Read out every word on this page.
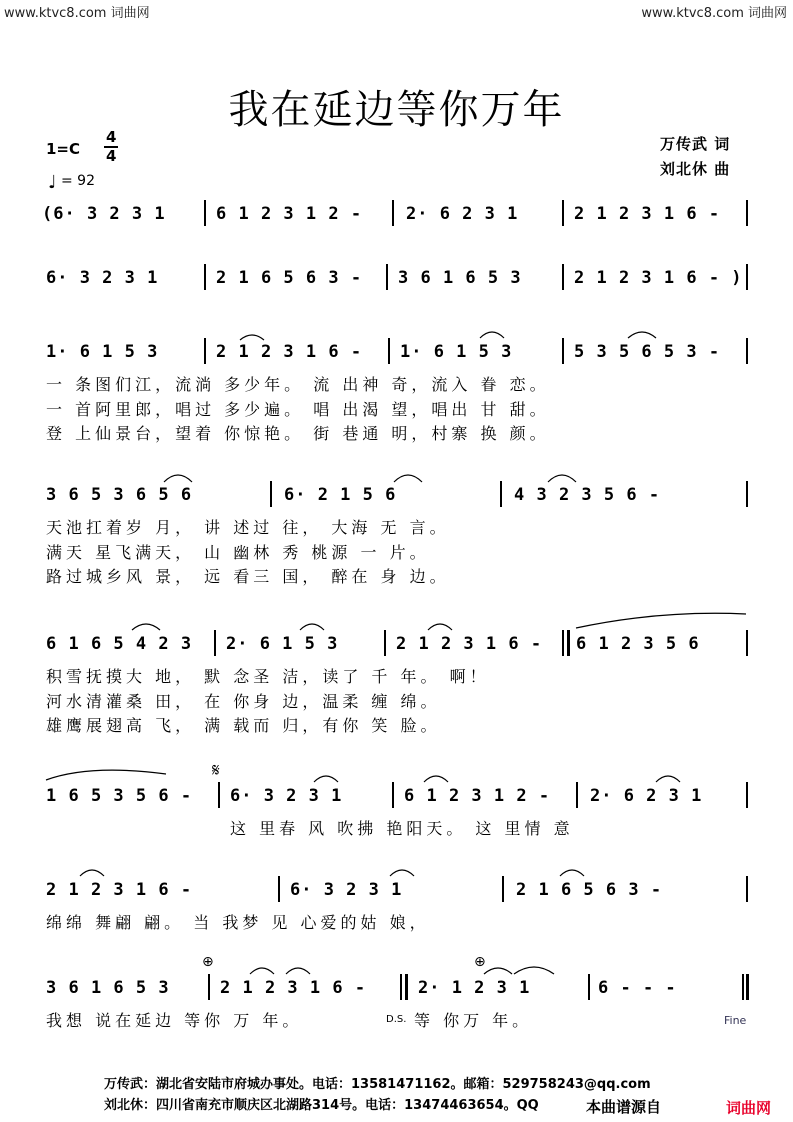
www.ktvc8.com 词曲网	www.ktvc8.com 词曲网
我在延边等你万年
1=C
4
4
♩ = 92
万传武 词
刘北休 曲
(6· 3 2 3 1	6 1 2 3 1 2 -	2· 6 2 3 1	2 1 2 3 1 6 -
6· 3 2 3 1	2 1 6 5 6 3 - 3 6 1 6 5 3	2 1 2 3 1 6 - )
1· 6 1 5 3	2 1 2 3 1 6 - 1· 6 1 5 3	5 3 5 6 5 3 -
一 条图们江，流淌 多少年。 流 出神 奇，流入 眷 恋。
一 首阿里郎，唱过 多少遍。 唱 出渴 望，唱出 甘 甜。
登 上仙景台，望着 你惊艳。 街 巷通 明，村寨 换 颜。
3 6 5 3 6 5 6	6· 2 1 5 6	4 3 2 3 5 6 -
天池扛着岁 月， 讲 述过 往， 大海 无 言。
满天 星飞满天， 山 幽林 秀 桃源 一 片。
路过城乡风 景， 远 看三 国， 醉在 身 边。
6 1 6 5 4 2 3 2· 6 1 5 3	2 1 2 3 1 6 - 6 1 2 3 5 6
积雪抚摸大 地， 默 念圣 洁，读了 千 年。 啊！
河水清灌桑 田， 在 你身 边，温柔 缠 绵。
雄鹰展翅高 飞， 满 载而 归，有你 笑 脸。
𝄋
1 6 5 3 5 6 - 6· 3 2 3 1	6 1 2 3 1 2 - 2· 6 2 3 1
这 里春 风 吹拂 艳阳天。 这 里情 意
2 1 2 3 1 6 -	6· 3 2 3 1	2 1 6 5 6 3 -
绵绵 舞翩 翩。 当 我梦 见 心爱的姑 娘，
⊕	⊕
3 6 1 6 5 3	2 1 2 3 1 6 -	2· 1 2 3 1	6 - - -
我想 说在延边 等你 万 年。	D.S. 等 你万 年。	Fine
万传武：湖北省安陆市府城办事处。电话：13581471162。邮箱：529758243@qq.com
刘北休：四川省南充市顺庆区北湖路314号。电话：13474463654。QQ	本曲谱源自	词曲网
